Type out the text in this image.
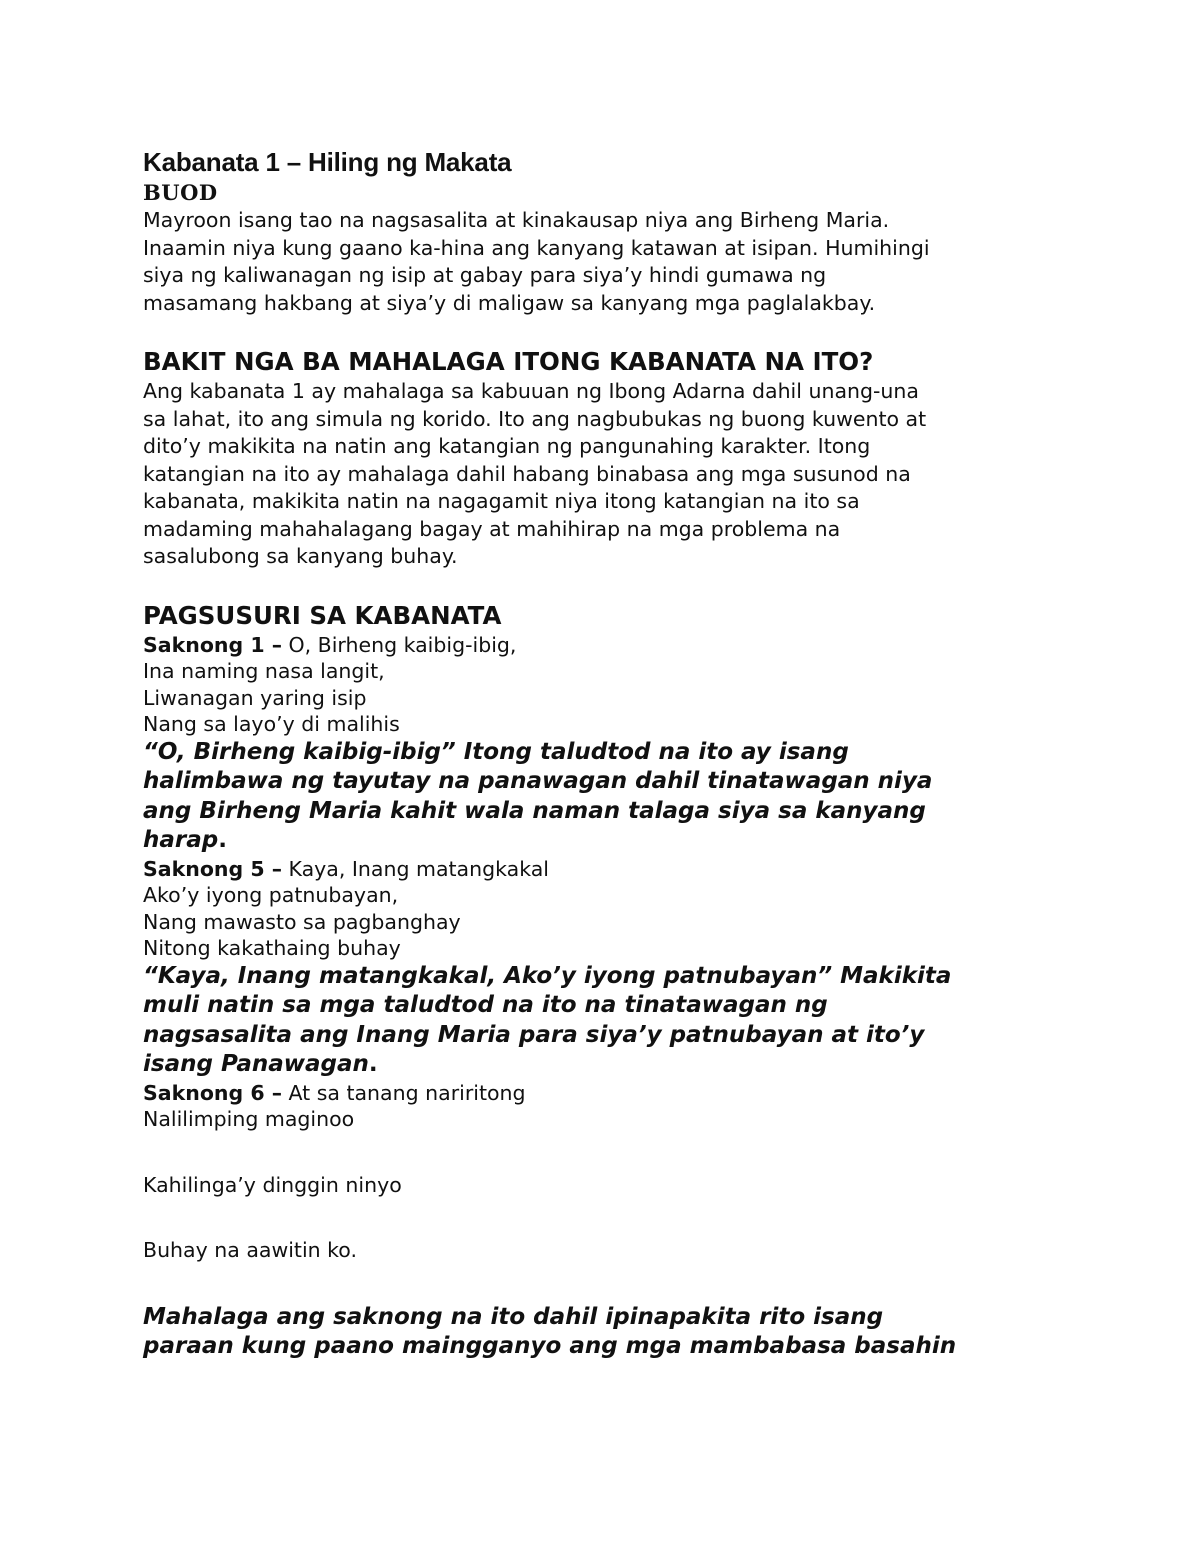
Kabanata 1 – Hiling ng Makata

BUOD

Mayroon isang tao na nagsasalita at kinakausap niya ang Birheng Maria.

Inaamin niya kung gaano ka-hina ang kanyang katawan at isipan. Humihingi

siya ng kaliwanagan ng isip at gabay para siya’y hindi gumawa ng

masamang hakbang at siya’y di maligaw sa kanyang mga paglalakbay.

BAKIT NGA BA MAHALAGA ITONG KABANATA NA ITO?

Ang kabanata 1 ay mahalaga sa kabuuan ng Ibong Adarna dahil unang-una

sa lahat, ito ang simula ng korido. Ito ang nagbubukas ng buong kuwento at

dito’y makikita na natin ang katangian ng pangunahing karakter. Itong

katangian na ito ay mahalaga dahil habang binabasa ang mga susunod na

kabanata, makikita natin na nagagamit niya itong katangian na ito sa

madaming mahahalagang bagay at mahihirap na mga problema na

sasalubong sa kanyang buhay.

PAGSUSURI SA KABANATA

Saknong 1 – O, Birheng kaibig-ibig,

Ina naming nasa langit,

Liwanagan yaring isip

Nang sa layo’y di malihis

“O, Birheng kaibig-ibig” Itong taludtod na ito ay isang

halimbawa ng tayutay na panawagan dahil tinatawagan niya

ang Birheng Maria kahit wala naman talaga siya sa kanyang

harap.

Saknong 5 – Kaya, Inang matangkakal

Ako’y iyong patnubayan,

Nang mawasto sa pagbanghay

Nitong kakathaing buhay

“Kaya, Inang matangkakal, Ako’y iyong patnubayan” Makikita

muli natin sa mga taludtod na ito na tinatawagan ng

nagsasalita ang Inang Maria para siya’y patnubayan at ito’y

isang Panawagan.

Saknong 6 – At sa tanang nariritong

Nalilimping maginoo

Kahilinga’y dinggin ninyo

Buhay na aawitin ko.

Mahalaga ang saknong na ito dahil ipinapakita rito isang

paraan kung paano maingganyo ang mga mambabasa basahin
